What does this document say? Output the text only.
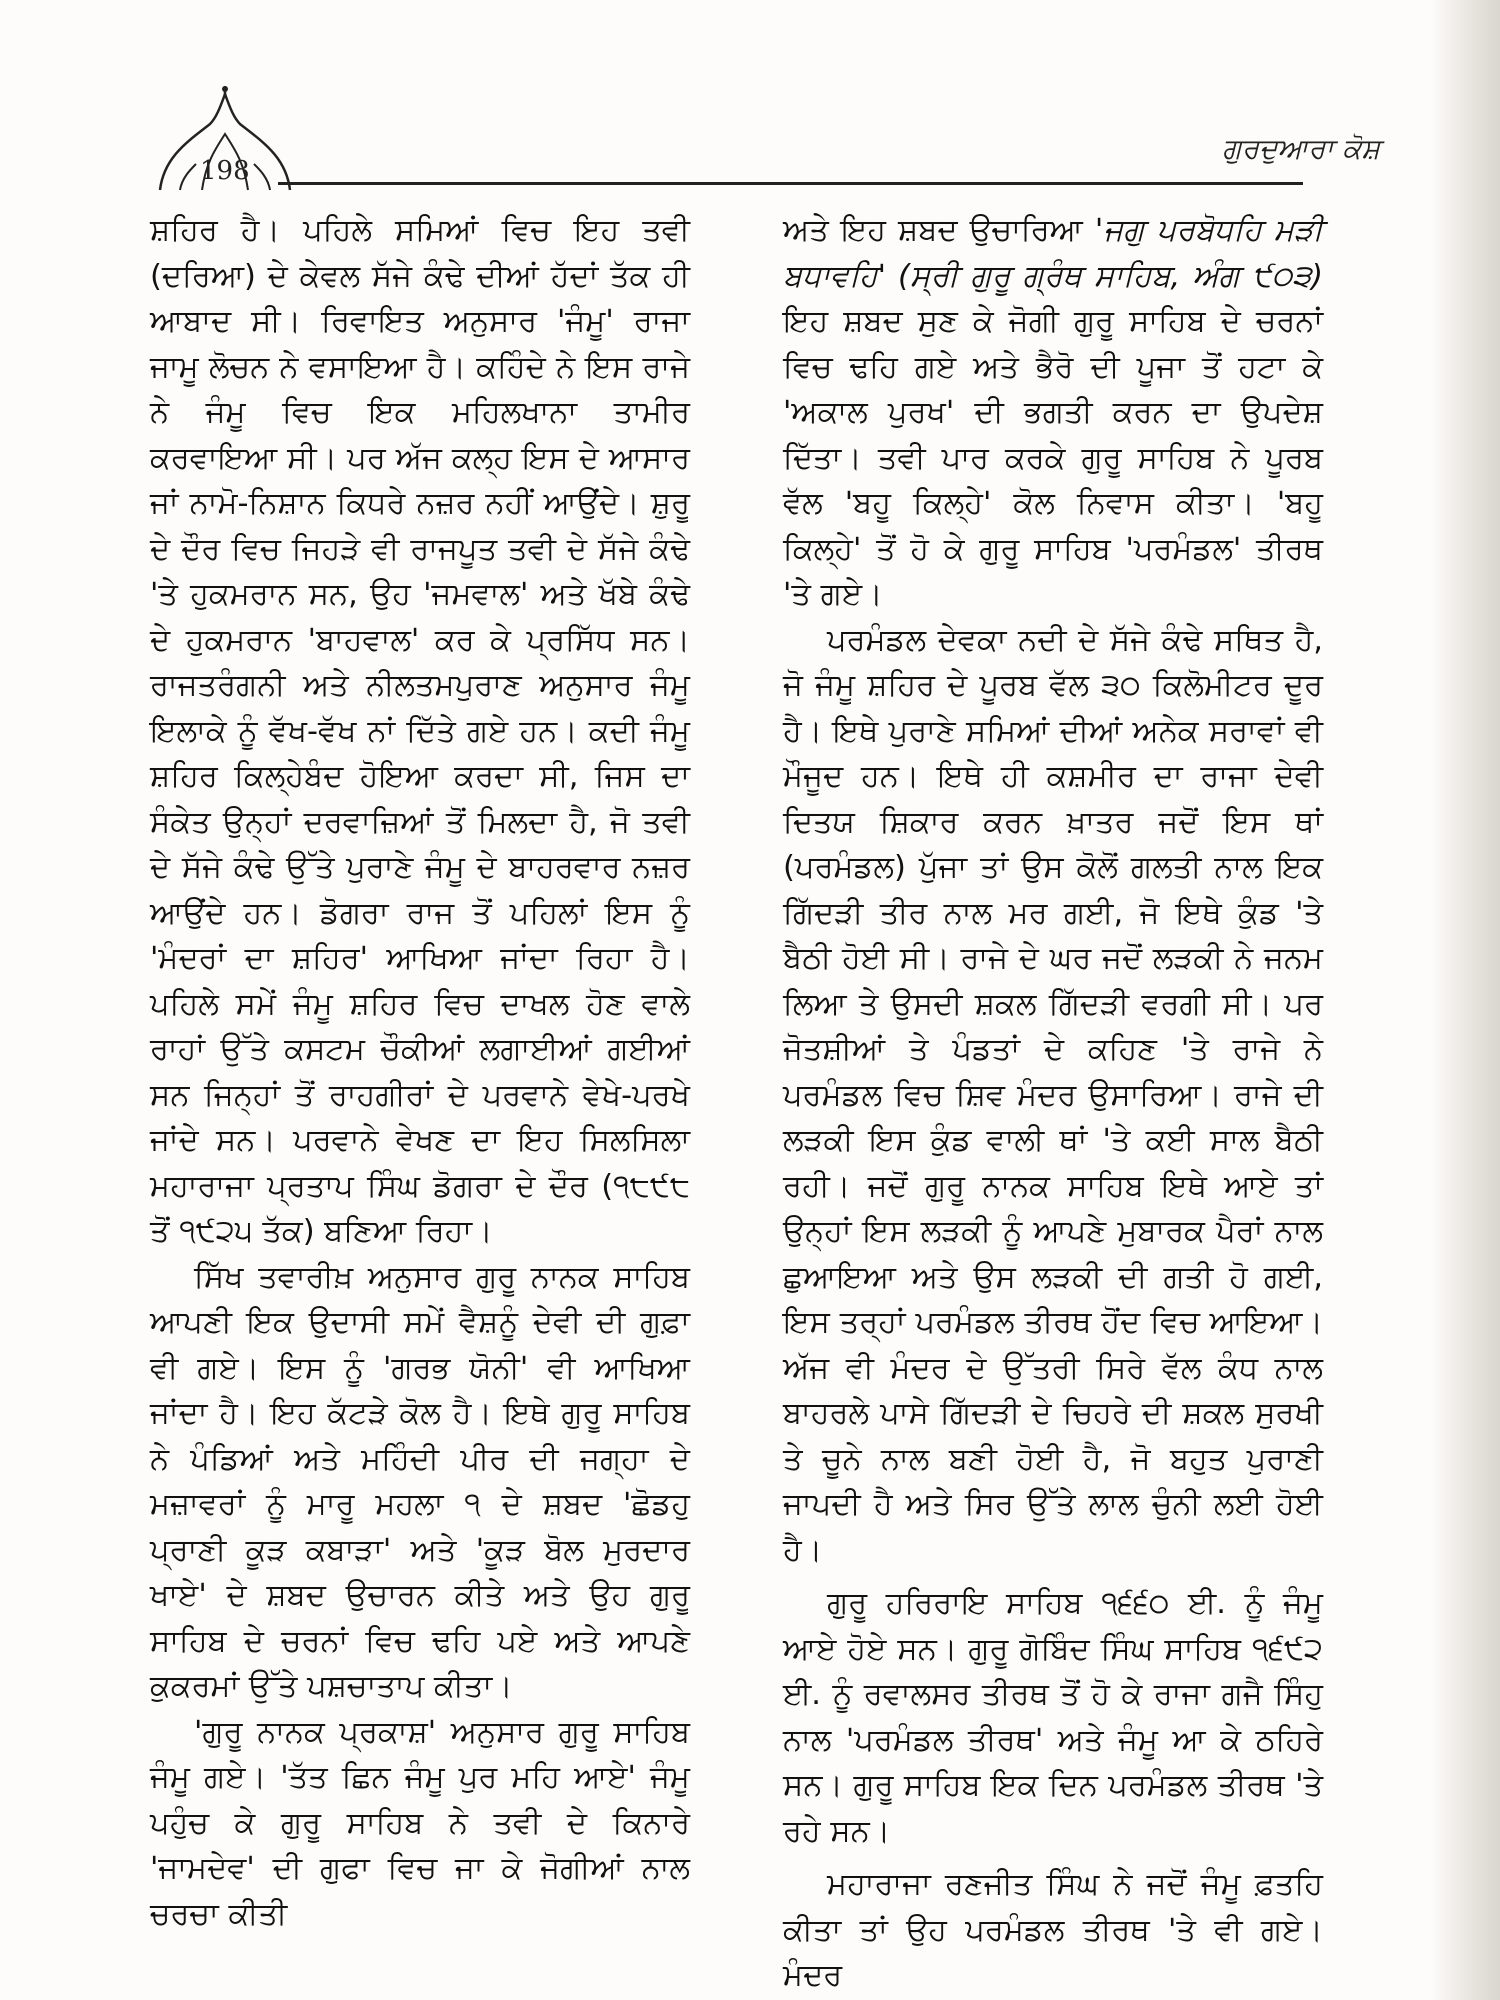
198
ਗੁਰਦੁਆਰਾ ਕੋਸ਼

ਸ਼ਹਿਰ ਹੈ। ਪਹਿਲੇ ਸਮਿਆਂ ਵਿਚ ਇਹ ਤਵੀ (ਦਰਿਆ) ਦੇ ਕੇਵਲ ਸੱਜੇ ਕੰਢੇ ਦੀਆਂ ਹੱਦਾਂ ਤੱਕ ਹੀ ਆਬਾਦ ਸੀ। ਰਿਵਾਇਤ ਅਨੁਸਾਰ 'ਜੰਮੂ' ਰਾਜਾ ਜਾਮੂ ਲੋਚਨ ਨੇ ਵਸਾਇਆ ਹੈ। ਕਹਿੰਦੇ ਨੇ ਇਸ ਰਾਜੇ ਨੇ ਜੰਮੂ ਵਿਚ ਇਕ ਮਹਿਲਖਾਨਾ ਤਾਮੀਰ ਕਰਵਾਇਆ ਸੀ। ਪਰ ਅੱਜ ਕਲ੍ਹ ਇਸ ਦੇ ਆਸਾਰ ਜਾਂ ਨਾਮੋ-ਨਿਸ਼ਾਨ ਕਿਧਰੇ ਨਜ਼ਰ ਨਹੀਂ ਆਉਂਦੇ। ਸ਼ੁਰੂ ਦੇ ਦੌਰ ਵਿਚ ਜਿਹੜੇ ਵੀ ਰਾਜਪੂਤ ਤਵੀ ਦੇ ਸੱਜੇ ਕੰਢੇ 'ਤੇ ਹੁਕਮਰਾਨ ਸਨ, ਉਹ 'ਜਮਵਾਲ' ਅਤੇ ਖੱਬੇ ਕੰਢੇ ਦੇ ਹੁਕਮਰਾਨ 'ਬਾਹਵਾਲ' ਕਰ ਕੇ ਪ੍ਰਸਿੱਧ ਸਨ। ਰਾਜਤਰੰਗਨੀ ਅਤੇ ਨੀਲਤਮਪੁਰਾਣ ਅਨੁਸਾਰ ਜੰਮੂ ਇਲਾਕੇ ਨੂੰ ਵੱਖ-ਵੱਖ ਨਾਂ ਦਿੱਤੇ ਗਏ ਹਨ। ਕਦੀ ਜੰਮੂ ਸ਼ਹਿਰ ਕਿਲ੍ਹੇਬੰਦ ਹੋਇਆ ਕਰਦਾ ਸੀ, ਜਿਸ ਦਾ ਸੰਕੇਤ ਉਨ੍ਹਾਂ ਦਰਵਾਜ਼ਿਆਂ ਤੋਂ ਮਿਲਦਾ ਹੈ, ਜੋ ਤਵੀ ਦੇ ਸੱਜੇ ਕੰਢੇ ਉੱਤੇ ਪੁਰਾਣੇ ਜੰਮੂ ਦੇ ਬਾਹਰਵਾਰ ਨਜ਼ਰ ਆਉਂਦੇ ਹਨ। ਡੋਗਰਾ ਰਾਜ ਤੋਂ ਪਹਿਲਾਂ ਇਸ ਨੂੰ 'ਮੰਦਰਾਂ ਦਾ ਸ਼ਹਿਰ' ਆਖਿਆ ਜਾਂਦਾ ਰਿਹਾ ਹੈ। ਪਹਿਲੇ ਸਮੇਂ ਜੰਮੂ ਸ਼ਹਿਰ ਵਿਚ ਦਾਖਲ ਹੋਣ ਵਾਲੇ ਰਾਹਾਂ ਉੱਤੇ ਕਸਟਮ ਚੌਕੀਆਂ ਲਗਾਈਆਂ ਗਈਆਂ ਸਨ ਜਿਨ੍ਹਾਂ ਤੋਂ ਰਾਹਗੀਰਾਂ ਦੇ ਪਰਵਾਨੇ ਵੇਖੇ-ਪਰਖੇ ਜਾਂਦੇ ਸਨ। ਪਰਵਾਨੇ ਵੇਖਣ ਦਾ ਇਹ ਸਿਲਸਿਲਾ ਮਹਾਰਾਜਾ ਪ੍ਰਤਾਪ ਸਿੰਘ ਡੋਗਰਾ ਦੇ ਦੌਰ (੧੮੯੮ ਤੋਂ ੧੯੨੫ ਤੱਕ) ਬਣਿਆ ਰਿਹਾ।

ਸਿੱਖ ਤਵਾਰੀਖ਼ ਅਨੁਸਾਰ ਗੁਰੂ ਨਾਨਕ ਸਾਹਿਬ ਆਪਣੀ ਇਕ ਉਦਾਸੀ ਸਮੇਂ ਵੈਸ਼ਨੂੰ ਦੇਵੀ ਦੀ ਗੁਫ਼ਾ ਵੀ ਗਏ। ਇਸ ਨੂੰ 'ਗਰਭ ਯੋਨੀ' ਵੀ ਆਖਿਆ ਜਾਂਦਾ ਹੈ। ਇਹ ਕੱਟੜੇ ਕੋਲ ਹੈ। ਇਥੇ ਗੁਰੂ ਸਾਹਿਬ ਨੇ ਪੰਡਿਆਂ ਅਤੇ ਮਹਿੰਦੀ ਪੀਰ ਦੀ ਜਗ੍ਹਾ ਦੇ ਮਜ਼ਾਵਰਾਂ ਨੂੰ ਮਾਰੂ ਮਹਲਾ ੧ ਦੇ ਸ਼ਬਦ 'ਛੋਡਹੁ ਪ੍ਰਾਣੀ ਕੂੜ ਕਬਾੜਾ' ਅਤੇ 'ਕੂੜ ਬੋਲ ਮੁਰਦਾਰ ਖਾਏ' ਦੇ ਸ਼ਬਦ ਉਚਾਰਨ ਕੀਤੇ ਅਤੇ ਉਹ ਗੁਰੂ ਸਾਹਿਬ ਦੇ ਚਰਨਾਂ ਵਿਚ ਢਹਿ ਪਏ ਅਤੇ ਆਪਣੇ ਕੁਕਰਮਾਂ ਉੱਤੇ ਪਸ਼ਚਾਤਾਪ ਕੀਤਾ।

'ਗੁਰੂ ਨਾਨਕ ਪ੍ਰਕਾਸ਼' ਅਨੁਸਾਰ ਗੁਰੂ ਸਾਹਿਬ ਜੰਮੂ ਗਏ। 'ਤੱਤ ਛਿਨ ਜੰਮੂ ਪੁਰ ਮਹਿ ਆਏ' ਜੰਮੂ ਪਹੁੰਚ ਕੇ ਗੁਰੂ ਸਾਹਿਬ ਨੇ ਤਵੀ ਦੇ ਕਿਨਾਰੇ 'ਜਾਮਦੇਵ' ਦੀ ਗੁਫਾ ਵਿਚ ਜਾ ਕੇ ਜੋਗੀਆਂ ਨਾਲ ਚਰਚਾ ਕੀਤੀ

ਅਤੇ ਇਹ ਸ਼ਬਦ ਉਚਾਰਿਆ 'ਜਗੁ ਪਰਬੋਧਹਿ ਮੜੀ ਬਧਾਵਹਿ' (ਸ੍ਰੀ ਗੁਰੂ ਗ੍ਰੰਥ ਸਾਹਿਬ, ਅੰਗ ੯੦੩) ਇਹ ਸ਼ਬਦ ਸੁਣ ਕੇ ਜੋਗੀ ਗੁਰੂ ਸਾਹਿਬ ਦੇ ਚਰਨਾਂ ਵਿਚ ਢਹਿ ਗਏ ਅਤੇ ਭੈਰੋ ਦੀ ਪੂਜਾ ਤੋਂ ਹਟਾ ਕੇ 'ਅਕਾਲ ਪੁਰਖ' ਦੀ ਭਗਤੀ ਕਰਨ ਦਾ ਉਪਦੇਸ਼ ਦਿੱਤਾ। ਤਵੀ ਪਾਰ ਕਰਕੇ ਗੁਰੂ ਸਾਹਿਬ ਨੇ ਪੂਰਬ ਵੱਲ 'ਬਹੂ ਕਿਲ੍ਹੇ' ਕੋਲ ਨਿਵਾਸ ਕੀਤਾ। 'ਬਹੂ ਕਿਲ੍ਹੇ' ਤੋਂ ਹੋ ਕੇ ਗੁਰੂ ਸਾਹਿਬ 'ਪਰਮੰਡਲ' ਤੀਰਥ 'ਤੇ ਗਏ।

ਪਰਮੰਡਲ ਦੇਵਕਾ ਨਦੀ ਦੇ ਸੱਜੇ ਕੰਢੇ ਸਥਿਤ ਹੈ, ਜੋ ਜੰਮੂ ਸ਼ਹਿਰ ਦੇ ਪੂਰਬ ਵੱਲ ੩੦ ਕਿਲੋਮੀਟਰ ਦੂਰ ਹੈ। ਇਥੇ ਪੁਰਾਣੇ ਸਮਿਆਂ ਦੀਆਂ ਅਨੇਕ ਸਰਾਵਾਂ ਵੀ ਮੌਜੂਦ ਹਨ। ਇਥੇ ਹੀ ਕਸ਼ਮੀਰ ਦਾ ਰਾਜਾ ਦੇਵੀ ਦਿਤਯ ਸ਼ਿਕਾਰ ਕਰਨ ਖ਼ਾਤਰ ਜਦੋਂ ਇਸ ਥਾਂ (ਪਰਮੰਡਲ) ਪੁੱਜਾ ਤਾਂ ਉਸ ਕੋਲੋਂ ਗਲਤੀ ਨਾਲ ਇਕ ਗਿੱਦੜੀ ਤੀਰ ਨਾਲ ਮਰ ਗਈ, ਜੋ ਇਥੇ ਕੁੰਡ 'ਤੇ ਬੈਠੀ ਹੋਈ ਸੀ। ਰਾਜੇ ਦੇ ਘਰ ਜਦੋਂ ਲੜਕੀ ਨੇ ਜਨਮ ਲਿਆ ਤੇ ਉਸਦੀ ਸ਼ਕਲ ਗਿੱਦੜੀ ਵਰਗੀ ਸੀ। ਪਰ ਜੋਤਸ਼ੀਆਂ ਤੇ ਪੰਡਤਾਂ ਦੇ ਕਹਿਣ 'ਤੇ ਰਾਜੇ ਨੇ ਪਰਮੰਡਲ ਵਿਚ ਸ਼ਿਵ ਮੰਦਰ ਉਸਾਰਿਆ। ਰਾਜੇ ਦੀ ਲੜਕੀ ਇਸ ਕੁੰਡ ਵਾਲੀ ਥਾਂ 'ਤੇ ਕਈ ਸਾਲ ਬੈਠੀ ਰਹੀ। ਜਦੋਂ ਗੁਰੂ ਨਾਨਕ ਸਾਹਿਬ ਇਥੇ ਆਏ ਤਾਂ ਉਨ੍ਹਾਂ ਇਸ ਲੜਕੀ ਨੂੰ ਆਪਣੇ ਮੁਬਾਰਕ ਪੈਰਾਂ ਨਾਲ ਛੁਆਇਆ ਅਤੇ ਉਸ ਲੜਕੀ ਦੀ ਗਤੀ ਹੋ ਗਈ, ਇਸ ਤਰ੍ਹਾਂ ਪਰਮੰਡਲ ਤੀਰਥ ਹੋਂਦ ਵਿਚ ਆਇਆ। ਅੱਜ ਵੀ ਮੰਦਰ ਦੇ ਉੱਤਰੀ ਸਿਰੇ ਵੱਲ ਕੰਧ ਨਾਲ ਬਾਹਰਲੇ ਪਾਸੇ ਗਿੱਦੜੀ ਦੇ ਚਿਹਰੇ ਦੀ ਸ਼ਕਲ ਸੁਰਖੀ ਤੇ ਚੂਨੇ ਨਾਲ ਬਣੀ ਹੋਈ ਹੈ, ਜੋ ਬਹੁਤ ਪੁਰਾਣੀ ਜਾਪਦੀ ਹੈ ਅਤੇ ਸਿਰ ਉੱਤੇ ਲਾਲ ਚੁੰਨੀ ਲਈ ਹੋਈ ਹੈ।

ਗੁਰੂ ਹਰਿਰਾਇ ਸਾਹਿਬ ੧੬੬੦ ਈ. ਨੂੰ ਜੰਮੂ ਆਏ ਹੋਏ ਸਨ। ਗੁਰੂ ਗੋਬਿੰਦ ਸਿੰਘ ਸਾਹਿਬ ੧੬੯੨ ਈ. ਨੂੰ ਰਵਾਲਸਰ ਤੀਰਥ ਤੋਂ ਹੋ ਕੇ ਰਾਜਾ ਗਜੈ ਸਿੰਹੁ ਨਾਲ 'ਪਰਮੰਡਲ ਤੀਰਥ' ਅਤੇ ਜੰਮੂ ਆ ਕੇ ਠਹਿਰੇ ਸਨ। ਗੁਰੂ ਸਾਹਿਬ ਇਕ ਦਿਨ ਪਰਮੰਡਲ ਤੀਰਥ 'ਤੇ ਰਹੇ ਸਨ।

ਮਹਾਰਾਜਾ ਰਣਜੀਤ ਸਿੰਘ ਨੇ ਜਦੋਂ ਜੰਮੂ ਫ਼ਤਹਿ ਕੀਤਾ ਤਾਂ ਉਹ ਪਰਮੰਡਲ ਤੀਰਥ 'ਤੇ ਵੀ ਗਏ। ਮੰਦਰ
